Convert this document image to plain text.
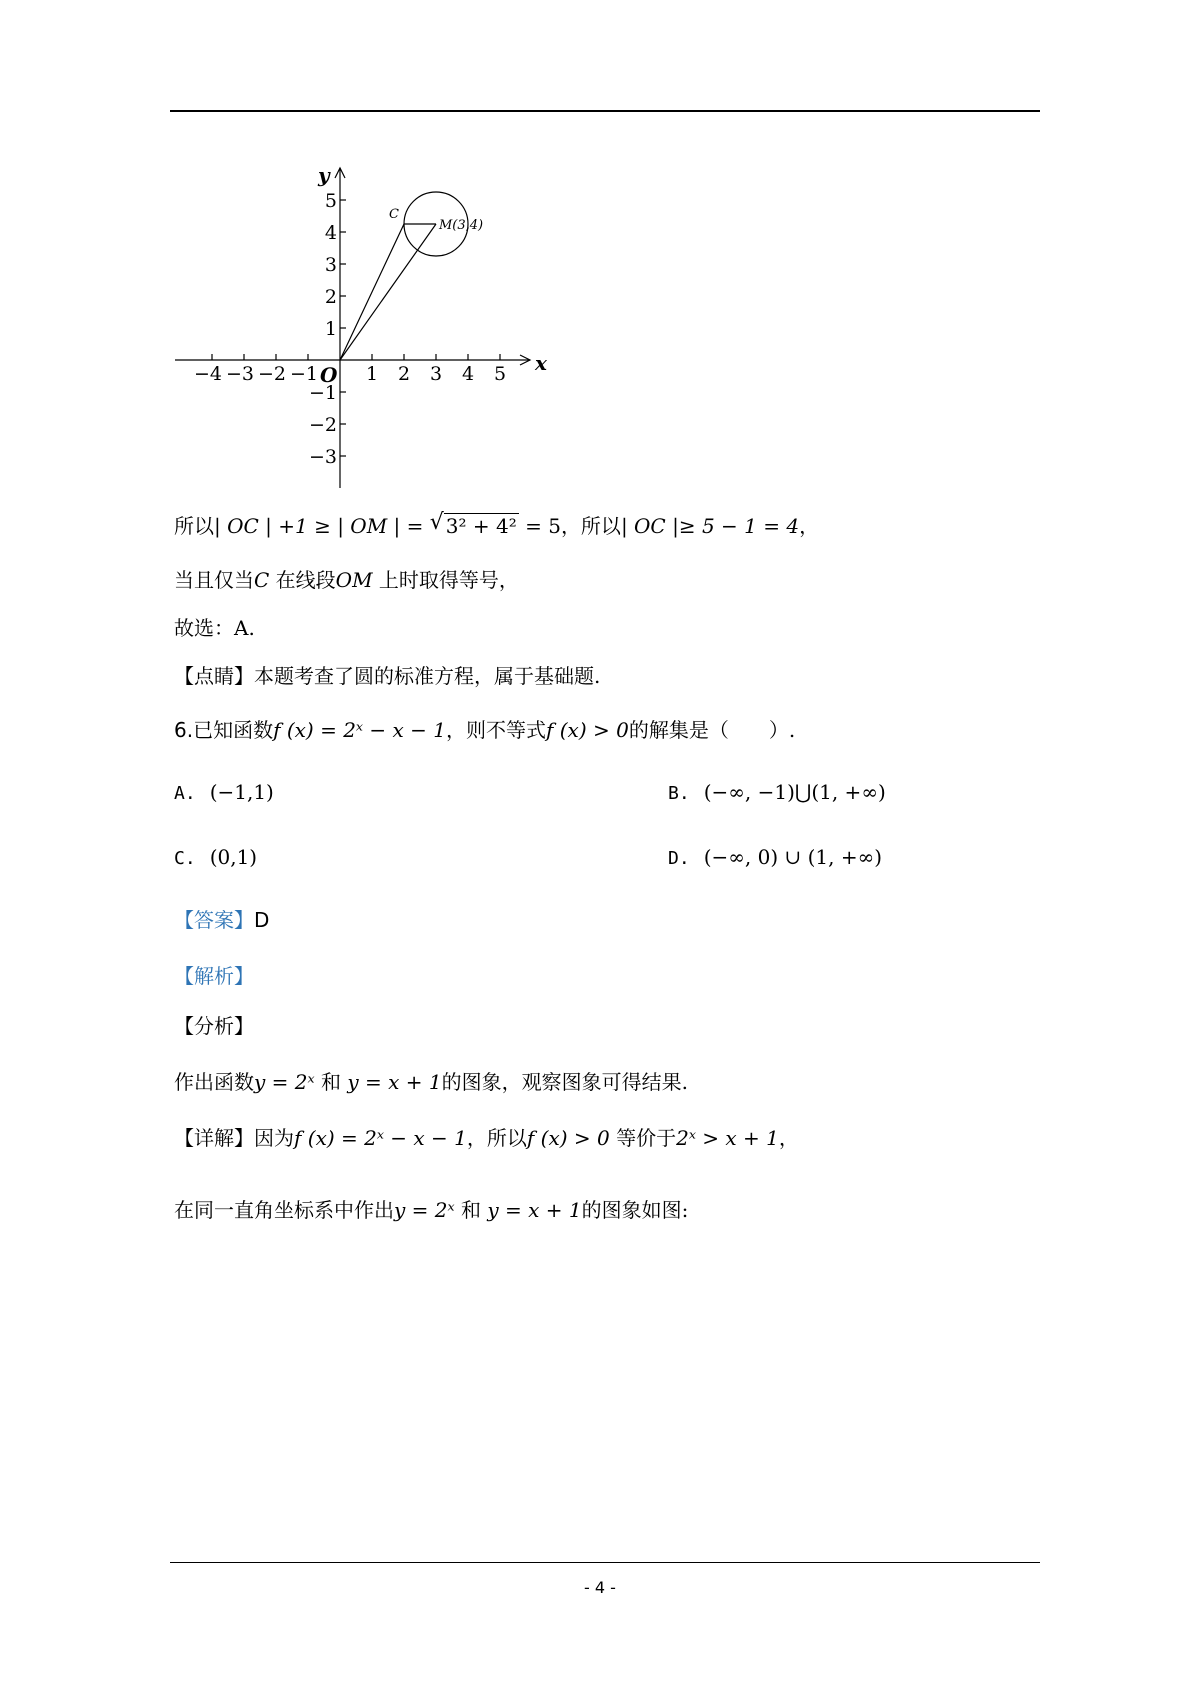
−4 −3 −2 −1	1 2 3 4 5
5
4
3
2
1
−1
−2
−3
y
x
O
C
M(3,4)
所以| OC | +1 ≥ | OM | = √ 3² + 4² = 5，所以| OC |≥ 5 − 1 = 4，
当且仅当C 在线段OM 上时取得等号，
故选：A.
【点睛】本题考查了圆的标准方程，属于基础题.
6.已知函数f (x) = 2ˣ − x − 1，则不等式f (x) > 0的解集是（　　）.
A. (−1,1)	B. (−∞, −1)⋃(1, +∞)
C. (0,1)	D. (−∞, 0) ∪ (1, +∞)
【答案】D
【解析】
【分析】
作出函数y = 2ˣ 和 y = x + 1的图象，观察图象可得结果.
【详解】因为f (x) = 2ˣ − x − 1，所以f (x) > 0 等价于2ˣ > x + 1，
在同一直角坐标系中作出y = 2ˣ 和 y = x + 1的图象如图:
- 4 -
